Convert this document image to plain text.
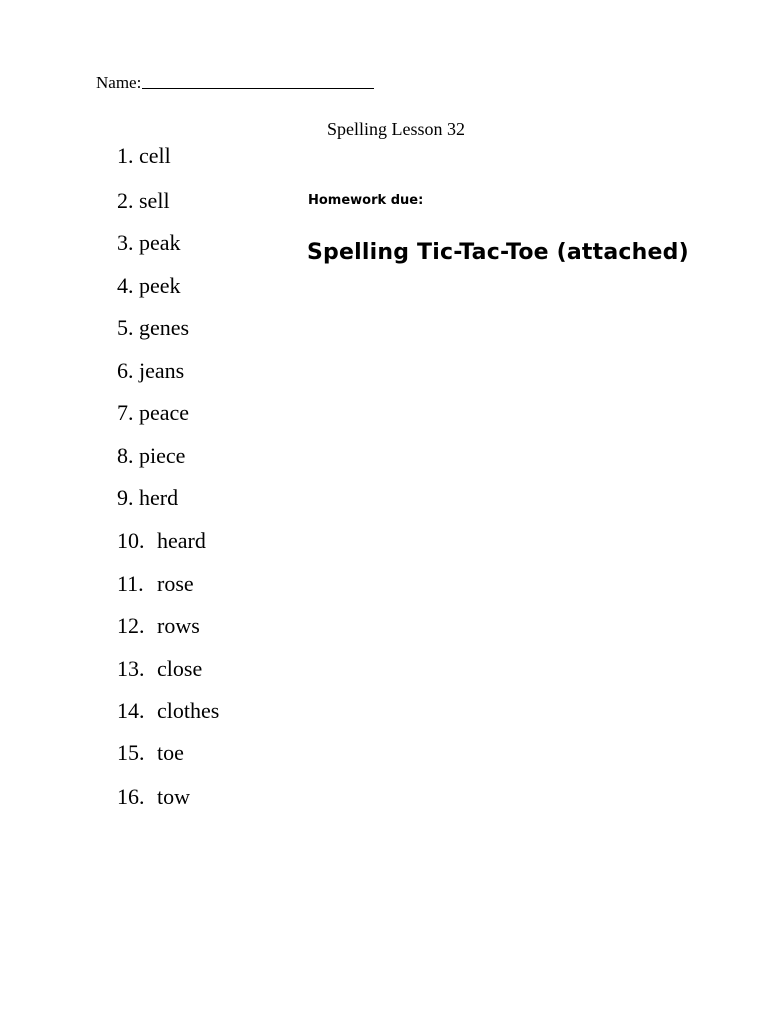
Name:
Spelling Lesson 32
1. cell
2. sell
3. peak
4. peek
5. genes
6. jeans
7. peace
8. piece
9. herd
10. heard
11. rose
12. rows
13. close
14. clothes
15. toe
16. tow
Homework due:
Spelling Tic-Tac-Toe (attached)
